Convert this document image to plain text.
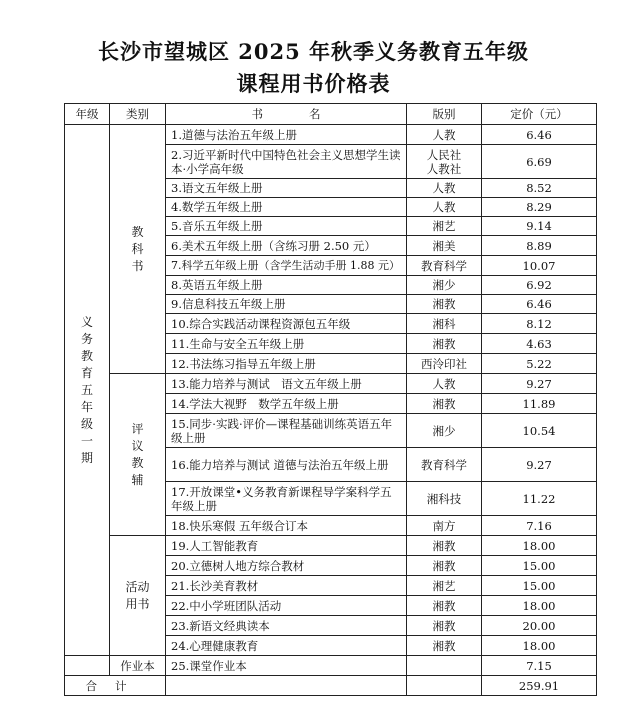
长沙市望城区 2025 年秋季义务教育五年级
课程用书价格表
年级	类别	书　　　　名	版别	定价（元）
义务教育五年级一期	教科书	1.道德与法治五年级上册	人教	6.46
		2.习近平新时代中国特色社会主义思想学生读本·小学高年级	人民社人教社	6.69
		3.语文五年级上册	人教	8.52
		4.数学五年级上册	人教	8.29
		5.音乐五年级上册	湘艺	9.14
		6.美术五年级上册（含练习册 2.50 元）	湘美	8.89
		7.科学五年级上册（含学生活动手册 1.88 元）	教育科学	10.07
		8.英语五年级上册	湘少	6.92
		9.信息科技五年级上册	湘教	6.46
		10.综合实践活动课程资源包五年级	湘科	8.12
		11.生命与安全五年级上册	湘教	4.63
		12.书法练习指导五年级上册	西泠印社	5.22
	评议教辅	13.能力培养与测试　语文五年级上册	人教	9.27
		14.学法大视野　数学五年级上册	湘教	11.89
		15.同步·实践·评价—课程基础训练英语五年级上册	湘少	10.54
		16.能力培养与测试 道德与法治五年级上册	教育科学	9.27
		17.开放课堂•义务教育新课程导学案科学五年级上册	湘科技	11.22
		18.快乐寒假 五年级合订本	南方	7.16
	活动用书	19.人工智能教育	湘教	18.00
		20.立德树人地方综合教材	湘教	15.00
		21.长沙美育教材	湘艺	15.00
		22.中小学班团队活动	湘教	18.00
		23.新语文经典读本	湘教	20.00
		24.心理健康教育	湘教	18.00
	作业本	25.课堂作业本		7.15
合计				259.91
